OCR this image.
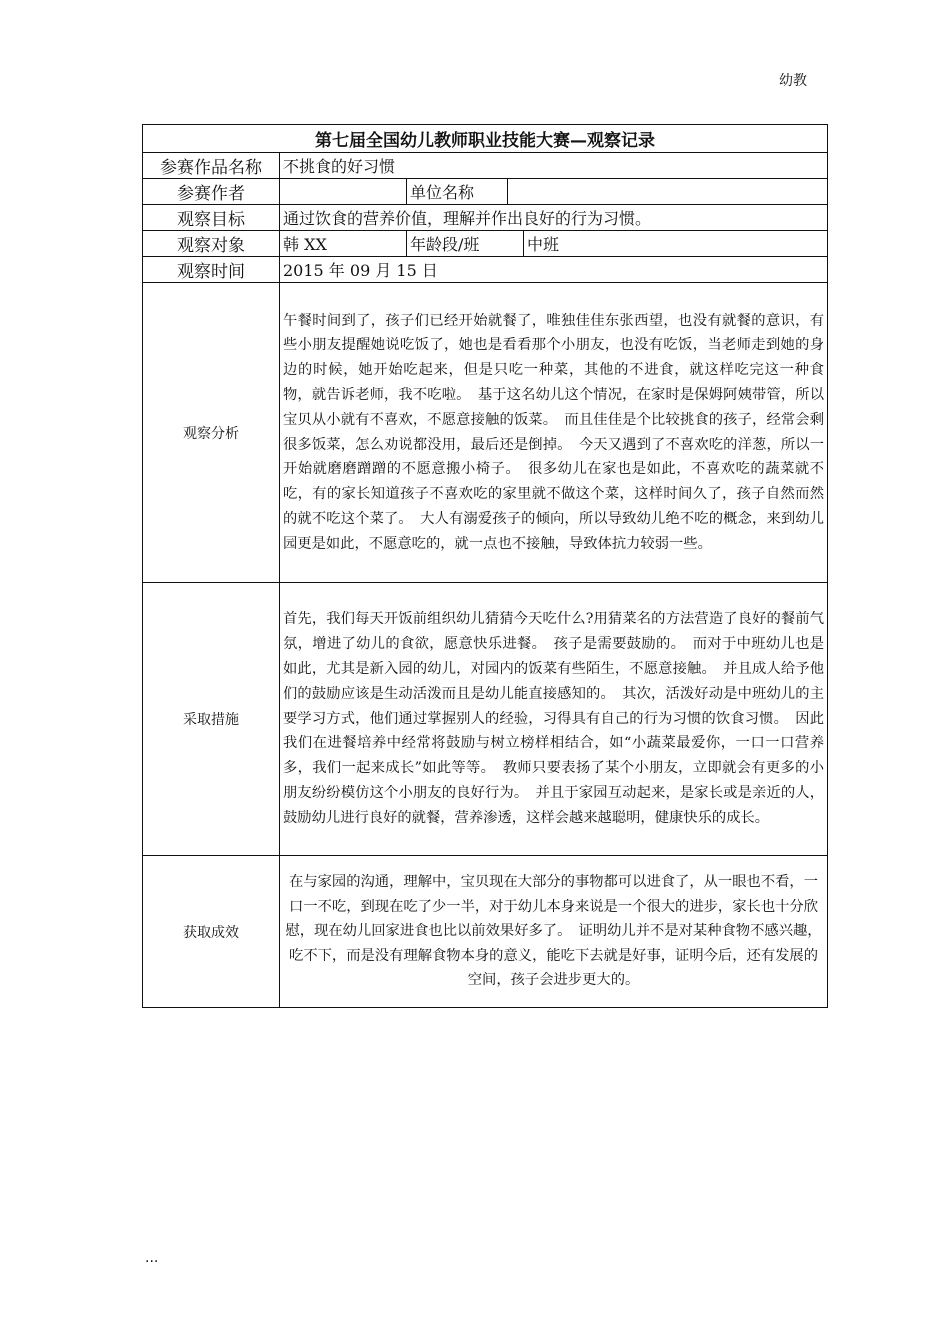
幼教
第七届全国幼儿教师职业技能大赛—观察记录				
参赛作品名称	不挑食的好习惯			
参赛作者		单位名称		
观察目标	通过饮食的营养价值，理解并作出良好的行为习惯。			
观察对象	韩 XX	年龄段/班		中班
观察时间	2015 年 09 月 15 日			
观察分析	午餐时间到了，孩子们已经开始就餐了，唯独佳佳东张西望，也没有就餐的意识，有些小朋友提醒她说吃饭了，她也是看看那个小朋友，也没有吃饭，当老师走到她的身边的时候，她开始吃起来，但是只吃一种菜，其他的不进食，就这样吃完这一种食物，就告诉老师，我不吃啦。　基于这名幼儿这个情况，在家时是保姆阿姨带管，所以宝贝从小就有不喜欢，不愿意接触的饭菜。　而且佳佳是个比较挑食的孩子，经常会剩很多饭菜，怎么劝说都没用，最后还是倒掉。　今天又遇到了不喜欢吃的洋葱，所以一开始就磨磨蹭蹭的不愿意搬小椅子。　很多幼儿在家也是如此，不喜欢吃的蔬菜就不吃，有的家长知道孩子不喜欢吃的家里就不做这个菜，这样时间久了，孩子自然而然的就不吃这个菜了。　大人有溺爱孩子的倾向，所以导致幼儿绝不吃的概念，来到幼儿园更是如此，不愿意吃的，就一点也不接触，导致体抗力较弱一些。			
采取措施	首先，我们每天开饭前组织幼儿猜猜今天吃什么?用猜菜名的方法营造了良好的餐前气氛，增进了幼儿的食欲，愿意快乐进餐。　孩子是需要鼓励的。　而对于中班幼儿也是如此，尤其是新入园的幼儿，对园内的饭菜有些陌生，不愿意接触。　并且成人给予他们的鼓励应该是生动活泼而且是幼儿能直接感知的。　其次，活泼好动是中班幼儿的主要学习方式，他们通过掌握别人的经验，习得具有自己的行为习惯的饮食习惯。　因此我们在进餐培养中经常将鼓励与树立榜样相结合，如“小蔬菜最爱你，一口一口营养多，我们一起来成长”如此等等。　教师只要表扬了某个小朋友，立即就会有更多的小朋友纷纷模仿这个小朋友的良好行为。　并且于家园互动起来，是家长或是亲近的人，鼓励幼儿进行良好的就餐，营养渗透，这样会越来越聪明，健康快乐的成长。			
获取成效	在与家园的沟通，理解中，宝贝现在大部分的事物都可以进食了，从一眼也不看，一口一不吃，到现在吃了少一半，对于幼儿本身来说是一个很大的进步，家长也十分欣慰，现在幼儿回家进食也比以前效果好多了。　证明幼儿并不是对某种食物不感兴趣，吃不下，而是没有理解食物本身的意义，能吃下去就是好事，证明今后，还有发展的空间，孩子会进步更大的。			
...
